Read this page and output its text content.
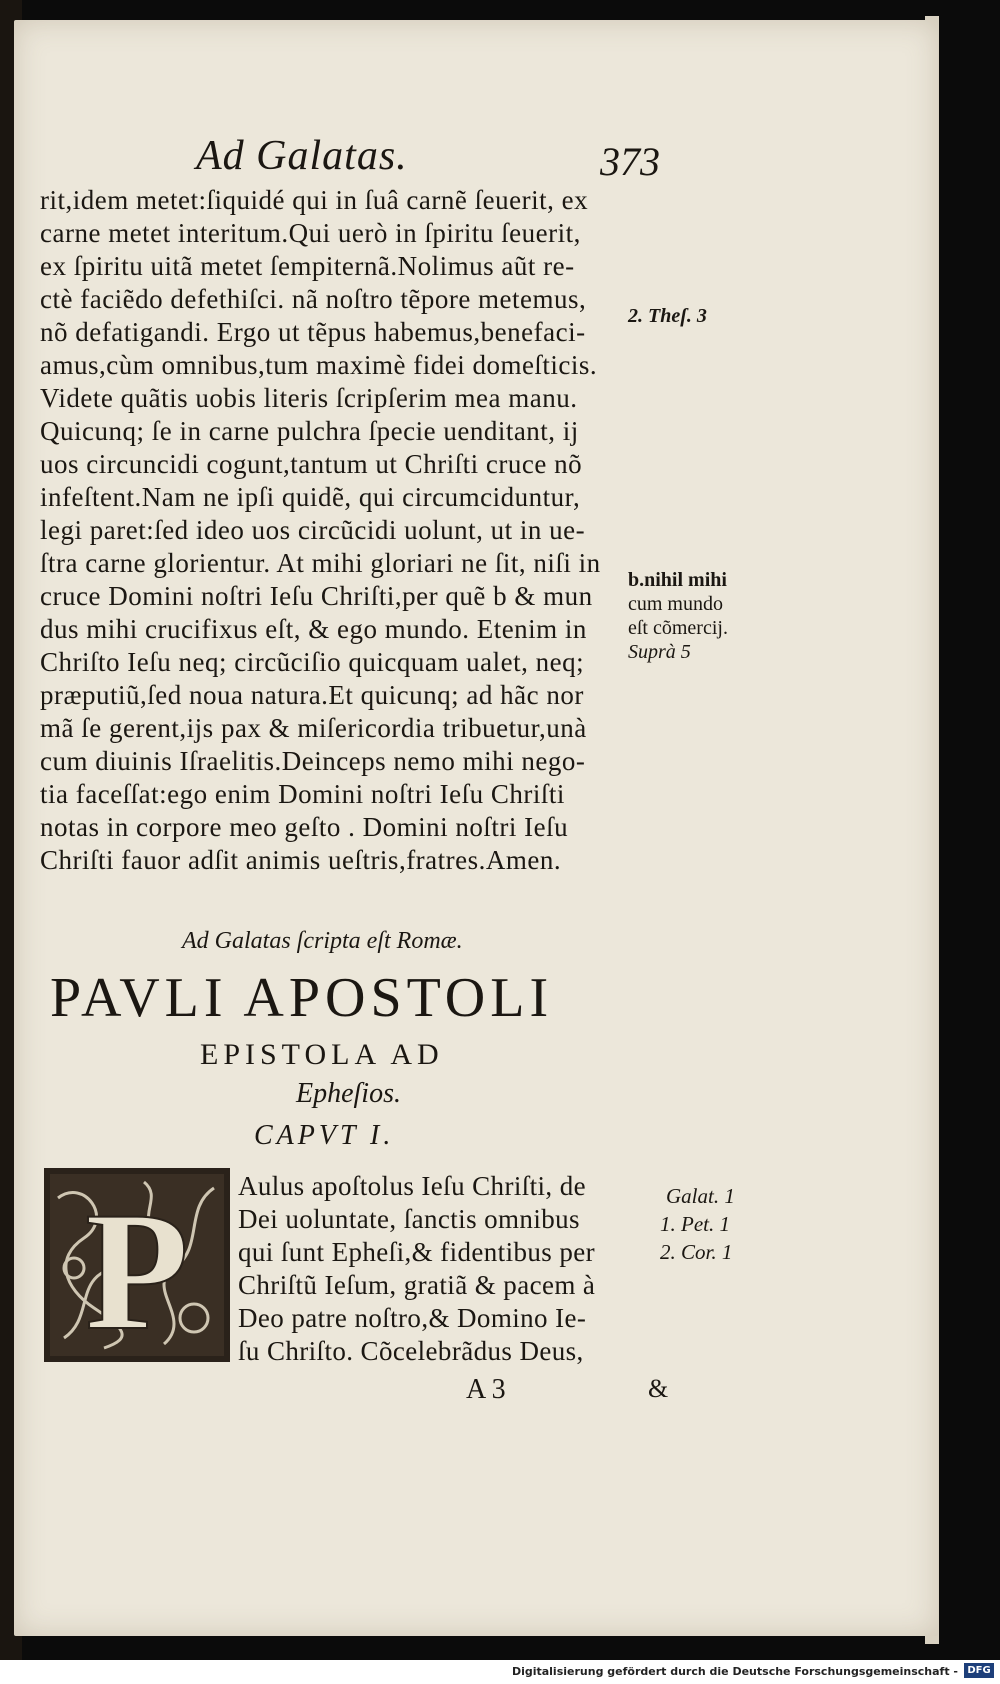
Ad Galatas.	373
rit,idem metet:ſiquidé qui in ſuâ carnẽ ſeuerit, ex
carne metet interitum.Qui uerò in ſpiritu ſeuerit,
ex ſpiritu uitã metet ſempiternã.Nolimus aũt re-
ctè faciẽdo defethiſci. nã noſtro tẽpore metemus,
nõ defatigandi. Ergo ut tẽpus habemus,benefaci-
amus,cùm omnibus,tum maximè fidei domeſticis.
Videte quãtis uobis literis ſcripſerim mea manu.
Quicunq; ſe in carne pulchra ſpecie uenditant, ij
uos circuncidi cogunt,tantum ut Chriſti cruce nõ
infeſtent.Nam ne ipſi quidẽ, qui circumciduntur,
legi paret:ſed ideo uos circũcidi uolunt, ut in ue-
ſtra carne glorientur. At mihi gloriari ne ſit, niſi in
cruce Domini noſtri Ieſu Chriſti,per quẽ b & mun
dus mihi crucifixus eſt, & ego mundo. Etenim in
Chriſto Ieſu neq; circũciſio quicquam ualet, neq;
præputiũ,ſed noua natura.Et quicunq; ad hãc nor
mã ſe gerent,ijs pax & miſericordia tribuetur,unà
cum diuinis Iſraelitis.Deinceps nemo mihi nego-
tia faceſſat:ego enim Domini noſtri Ieſu Chriſti
notas in corpore meo geſto . Domini noſtri Ieſu
Chriſti fauor adſit animis ueſtris,fratres.Amen.
2. Theſ. 3
b.nihil mihi
cum mundo
eſt cõmercij.
Suprà 5
Ad Galatas ſcripta eſt Romæ.
PAVLI APOSTOLI
EPISTOLA AD
Ephеſios.
CAPVT I.
P Aulus apoſtolus Ieſu Chriſti, de
Dei uoluntate, ſanctis omnibus
qui ſunt Epheſi,& fidentibus per
Chriſtũ Ieſum, gratiã & pacem à
Deo patre noſtro,& Domino Ie-
ſu Chriſto. Cõcelebrãdus Deus,
Galat. 1
1. Pet. 1
2. Cor. 1
A 3	&
Digitalisierung gefördert durch die Deutsche Forschungsgemeinschaft - DFG
